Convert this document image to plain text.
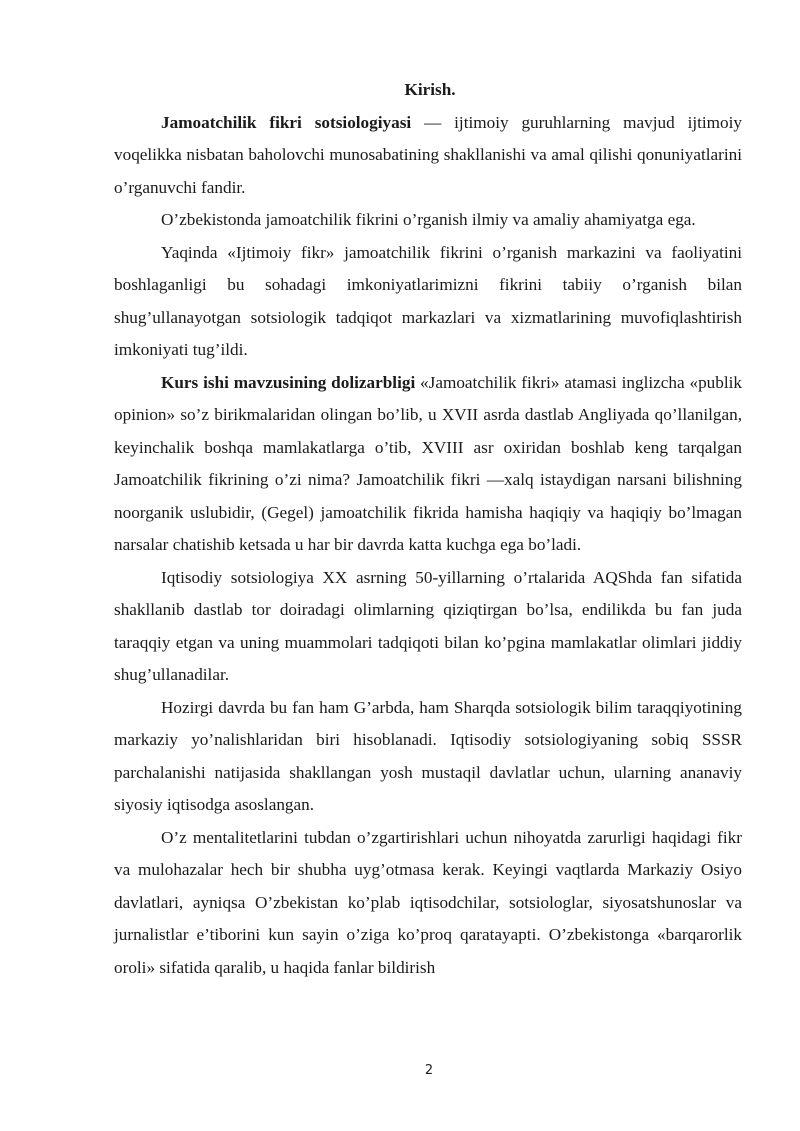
Kirish.

Jamoatchilik fikri sotsiologiyasi — ijtimoiy guruhlarning mavjud ijtimoiy voqelikka nisbatan baholovchi munosabatining shakllanishi va amal qilishi qonuniyatlarini o’rganuvchi fandir.

O’zbekistonda jamoatchilik fikrini o’rganish ilmiy va amaliy ahamiyatga ega.

Yaqinda «Ijtimoiy fikr» jamoatchilik fikrini o’rganish markazini va faoliyatini boshlaganligi bu sohadagi imkoniyatlarimizni fikrini tabiiy o’rganish bilan shug’ullanayotgan sotsiologik tadqiqot markazlari va xizmatlarining muvofiqlashtirish imkoniyati tug’ildi.

Kurs ishi mavzusining dolizarbligi «Jamoatchilik fikri» atamasi inglizcha «publik opinion» so’z birikmalaridan olingan bo’lib, u XVII asrda dastlab Angliyada qo’llanilgan, keyinchalik boshqa mamlakatlarga o’tib, XVIII asr oxiridan boshlab keng tarqalgan Jamoatchilik fikrining o’zi nima? Jamoatchilik fikri —xalq istaydigan narsani bilishning noorganik uslubidir, (Gegel) jamoatchilik fikrida hamisha haqiqiy va haqiqiy bo’lmagan narsalar chatishib ketsada u har bir davrda katta kuchga ega bo’ladi.

Iqtisodiy sotsiologiya XX asrning 50-yillarning o’rtalarida AQShda fan sifatida shakllanib dastlab tor doiradagi olimlarning qiziqtirgan bo’lsa, endilikda bu fan juda taraqqiy etgan va uning muammolari tadqiqoti bilan ko’pgina mamlakatlar olimlari jiddiy shug’ullanadilar.

Hozirgi davrda bu fan ham G’arbda, ham Sharqda sotsiologik bilim taraqqiyotining markaziy yo’nalishlaridan biri hisoblanadi. Iqtisodiy sotsiologiyaning sobiq SSSR parchalanishi natijasida shakllangan yosh mustaqil davlatlar uchun, ularning ananaviy siyosiy iqtisodga asoslangan.

O’z mentalitetlarini tubdan o’zgartirishlari uchun nihoyatda zarurligi haqidagi fikr va mulohazalar hech bir shubha uyg’otmasa kerak. Keyingi vaqtlarda Markaziy Osiyo davlatlari, ayniqsa O’zbekistan ko’plab iqtisodchilar, sotsiologlar, siyosatshunoslar va jurnalistlar e’tiborini kun sayin o’ziga ko’proq qaratayapti. O’zbekistonga «barqarorlik oroli» sifatida qaralib, u haqida fanlar bildirish

2
